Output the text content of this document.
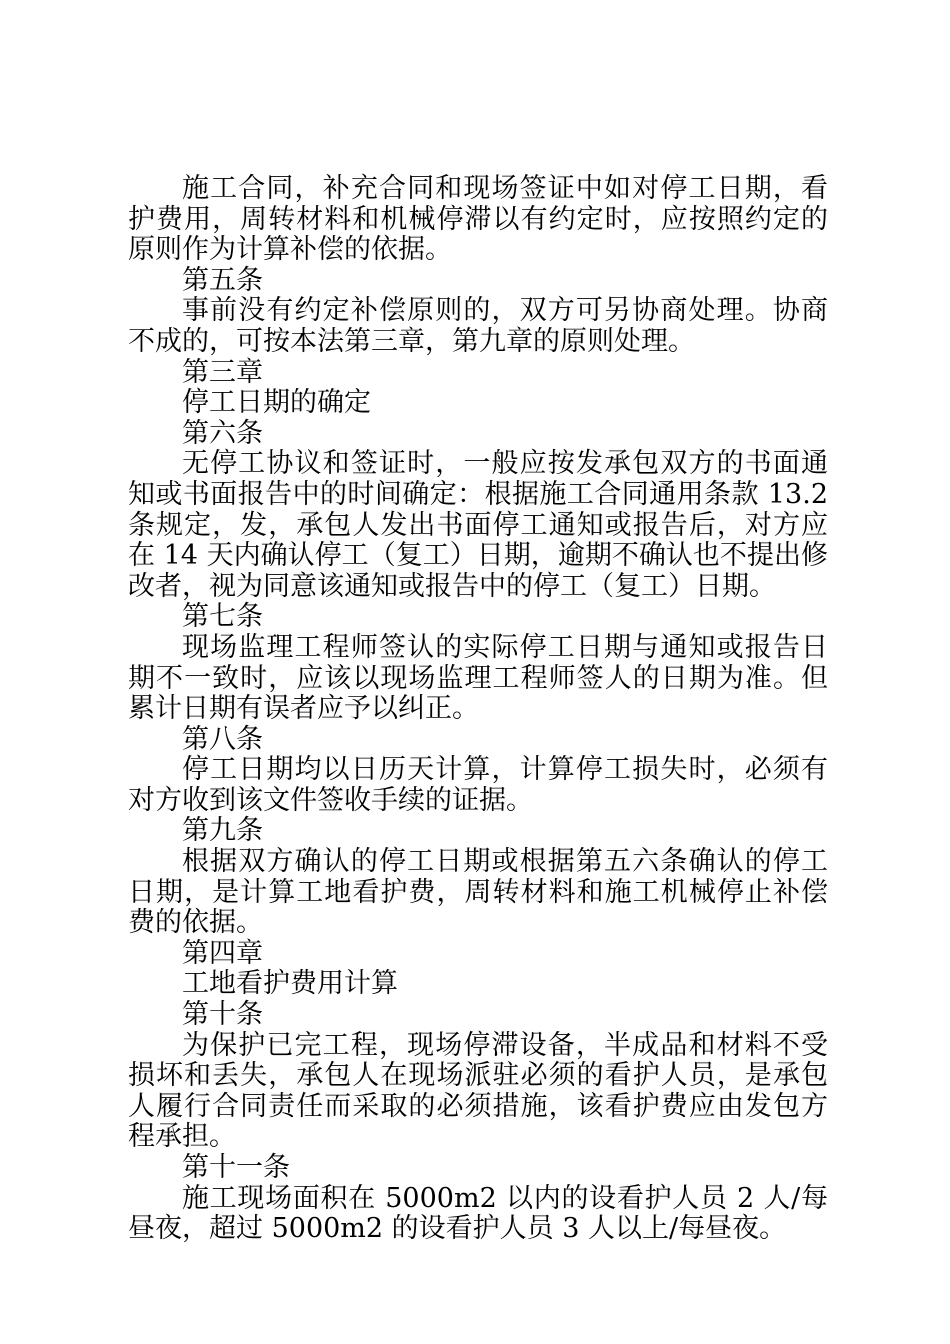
施工合同，补充合同和现场签证中如对停工日期，看护费用，周转材料和机械停滞以有约定时，应按照约定的原则作为计算补偿的依据。

第五条

事前没有约定补偿原则的，双方可另协商处理。协商不成的，可按本法第三章，第九章的原则处理。

第三章

停工日期的确定

第六条

无停工协议和签证时，一般应按发承包双方的书面通知或书面报告中的时间确定：根据施工合同通用条款 13.2 条规定，发，承包人发出书面停工通知或报告后，对方应在 14 天内确认停工（复工）日期，逾期不确认也不提出修改者，视为同意该通知或报告中的停工（复工）日期。

第七条

现场监理工程师签认的实际停工日期与通知或报告日期不一致时，应该以现场监理工程师签人的日期为准。但累计日期有误者应予以纠正。

第八条

停工日期均以日历天计算，计算停工损失时，必须有对方收到该文件签收手续的证据。

第九条

根据双方确认的停工日期或根据第五六条确认的停工日期，是计算工地看护费，周转材料和施工机械停止补偿费的依据。

第四章

工地看护费用计算

第十条

为保护已完工程，现场停滞设备，半成品和材料不受损坏和丢失，承包人在现场派驻必须的看护人员，是承包人履行合同责任而采取的必须措施，该看护费应由发包方程承担。

第十一条

施工现场面积在 5000m2 以内的设看护人员 2 人/每昼夜，超过 5000m2 的设看护人员 3 人以上/每昼夜。
